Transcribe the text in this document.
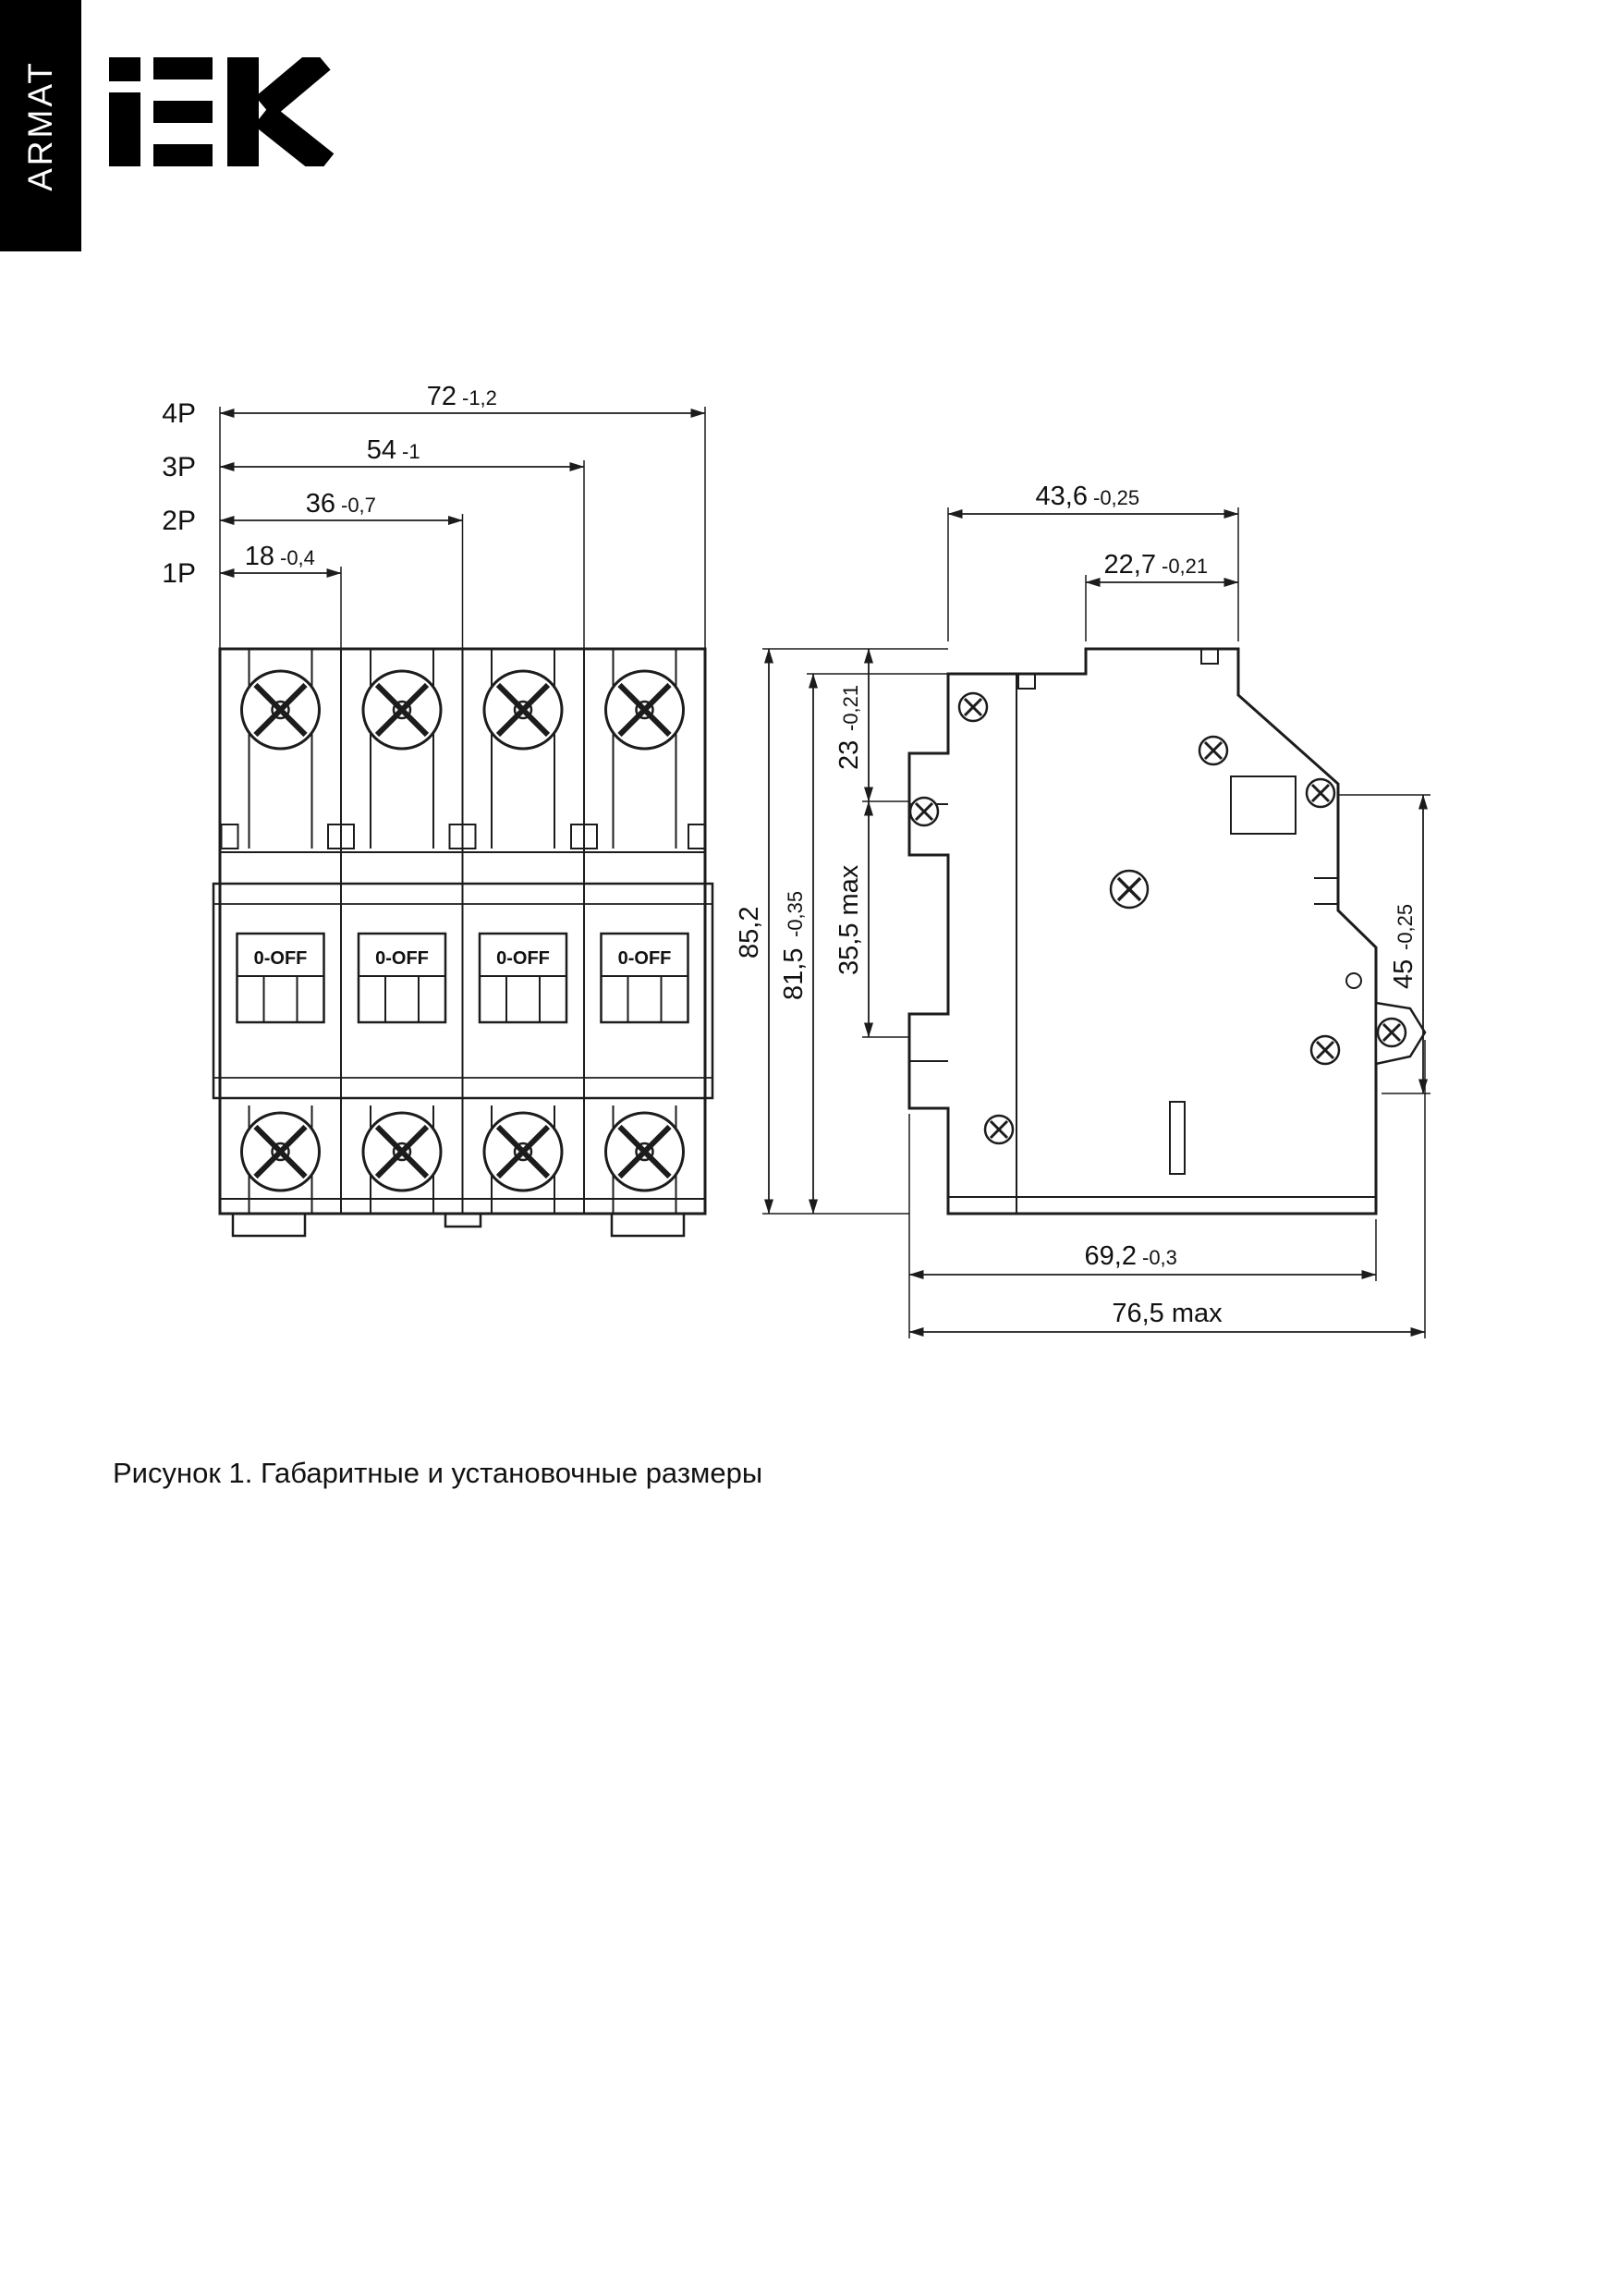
ARMAT
0-OFF	0-OFF	0-OFF	0-OFF
4P
3P
2P
1P
72 -1,2
54 -1
36 -0,7
18 -0,4
43,6 -0,25
22,7 -0,21
69,2 -0,3
76,5 max
85,2
81,5
-0,35
23
-0,21
35,5 max	45
-0,25
Рисунок 1. Габаритные и установочные размеры
